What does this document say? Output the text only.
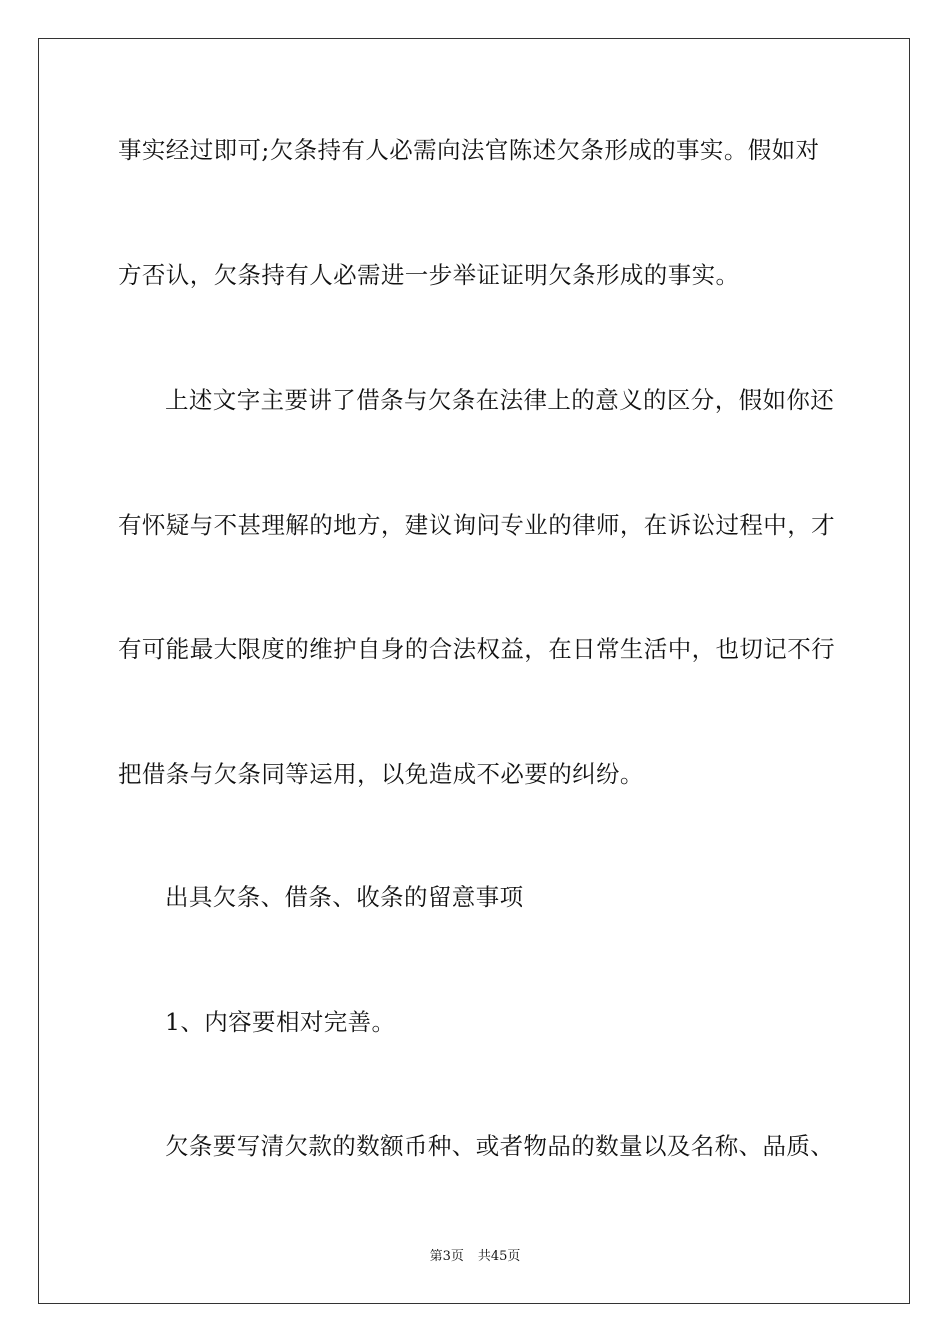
事实经过即可;欠条持有人必需向法官陈述欠条形成的事实。假如对
方否认，欠条持有人必需进一步举证证明欠条形成的事实。
上述文字主要讲了借条与欠条在法律上的意义的区分，假如你还
有怀疑与不甚理解的地方，建议询问专业的律师，在诉讼过程中，才
有可能最大限度的维护自身的合法权益，在日常生活中，也切记不行
把借条与欠条同等运用，以免造成不必要的纠纷。
出具欠条、借条、收条的留意事项
1、内容要相对完善。
欠条要写清欠款的数额币种、或者物品的数量以及名称、品质、
第3页 共45页
